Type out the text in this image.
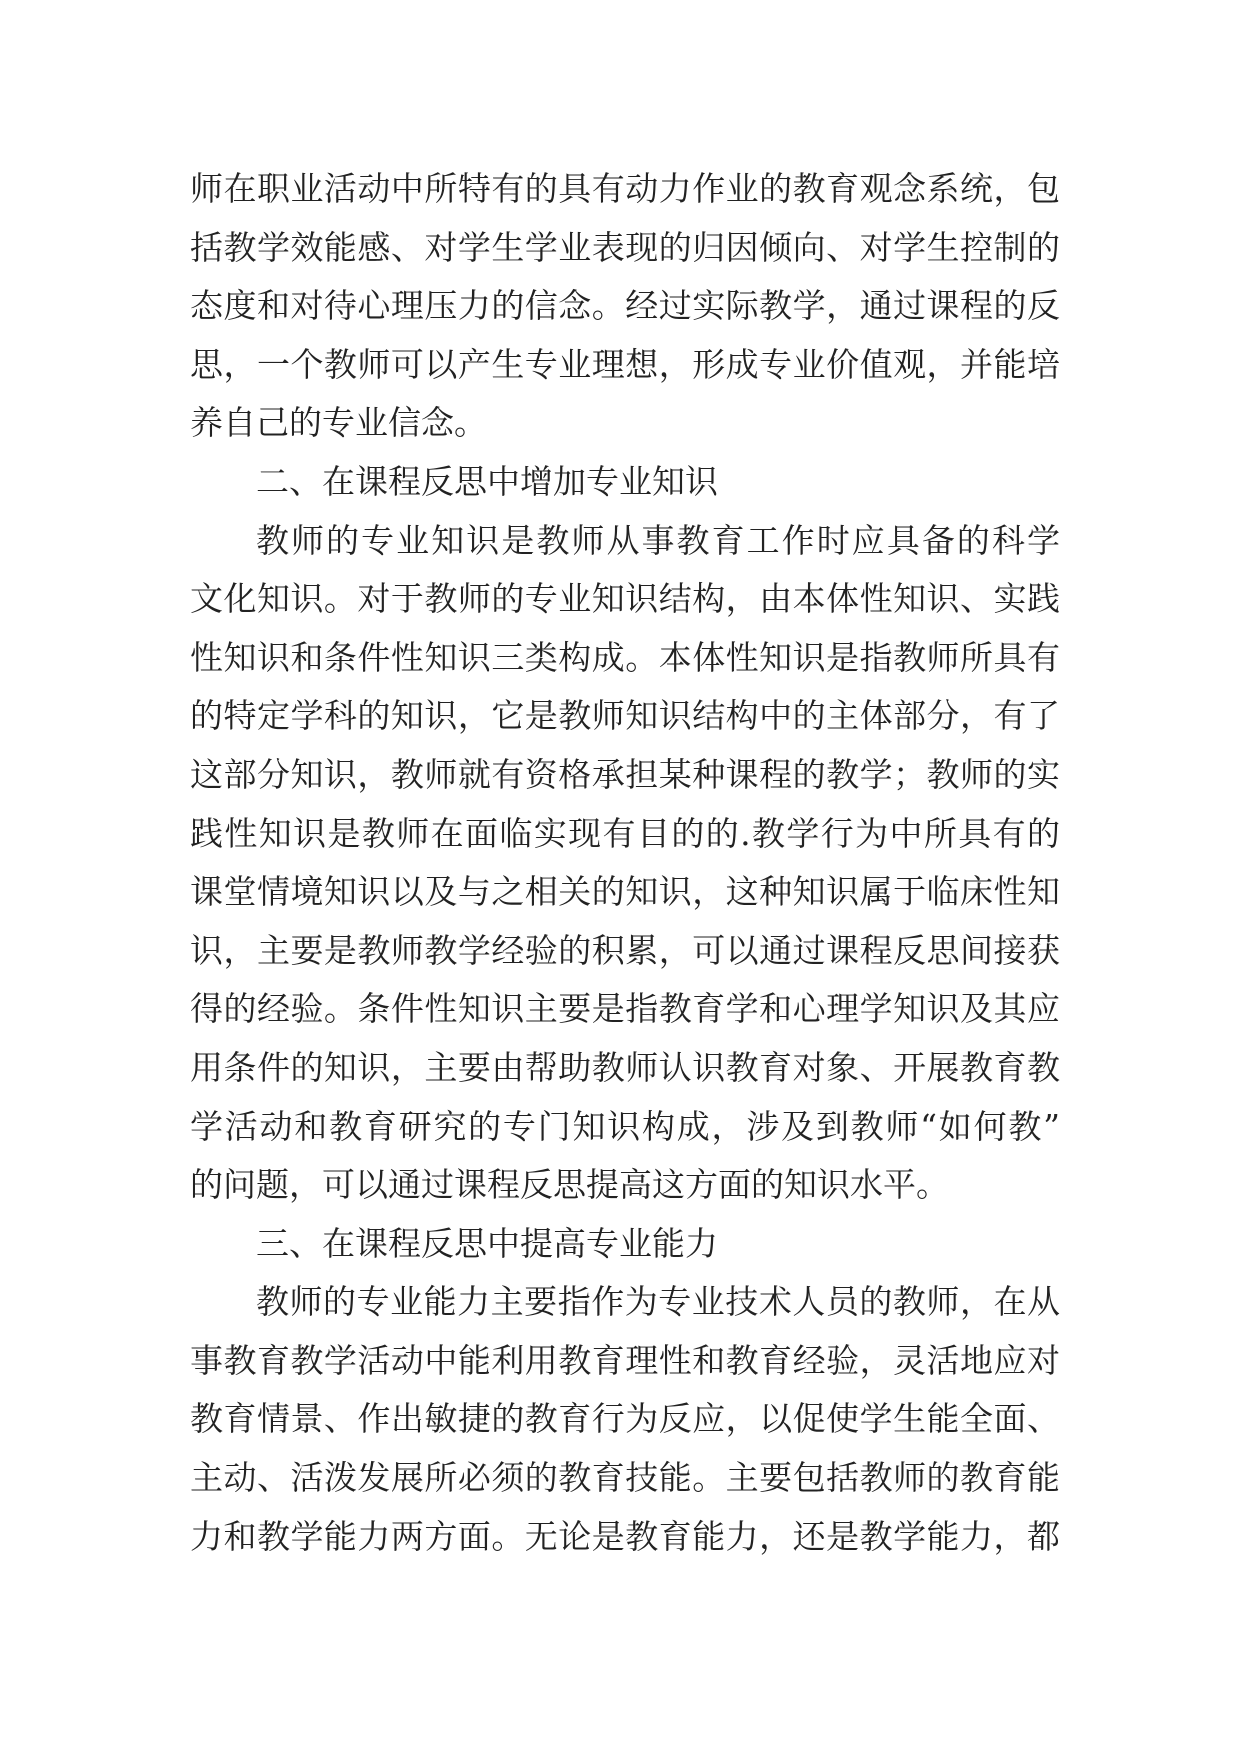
师在职业活动中所特有的具有动力作业的教育观念系统，包
括教学效能感、对学生学业表现的归因倾向、对学生控制的
态度和对待心理压力的信念。经过实际教学，通过课程的反
思，一个教师可以产生专业理想，形成专业价值观，并能培
养自己的专业信念。
二、在课程反思中增加专业知识
教师的专业知识是教师从事教育工作时应具备的科学
文化知识。对于教师的专业知识结构，由本体性知识、实践
性知识和条件性知识三类构成。本体性知识是指教师所具有
的特定学科的知识，它是教师知识结构中的主体部分，有了
这部分知识，教师就有资格承担某种课程的教学；教师的实
践性知识是教师在面临实现有目的的.教学行为中所具有的
课堂情境知识以及与之相关的知识，这种知识属于临床性知
识，主要是教师教学经验的积累，可以通过课程反思间接获
得的经验。条件性知识主要是指教育学和心理学知识及其应
用条件的知识，主要由帮助教师认识教育对象、开展教育教
学活动和教育研究的专门知识构成，涉及到教师“如何教”
的问题，可以通过课程反思提高这方面的知识水平。
三、在课程反思中提高专业能力
教师的专业能力主要指作为专业技术人员的教师，在从
事教育教学活动中能利用教育理性和教育经验，灵活地应对
教育情景、作出敏捷的教育行为反应，以促使学生能全面、
主动、活泼发展所必须的教育技能。主要包括教师的教育能
力和教学能力两方面。无论是教育能力，还是教学能力，都
